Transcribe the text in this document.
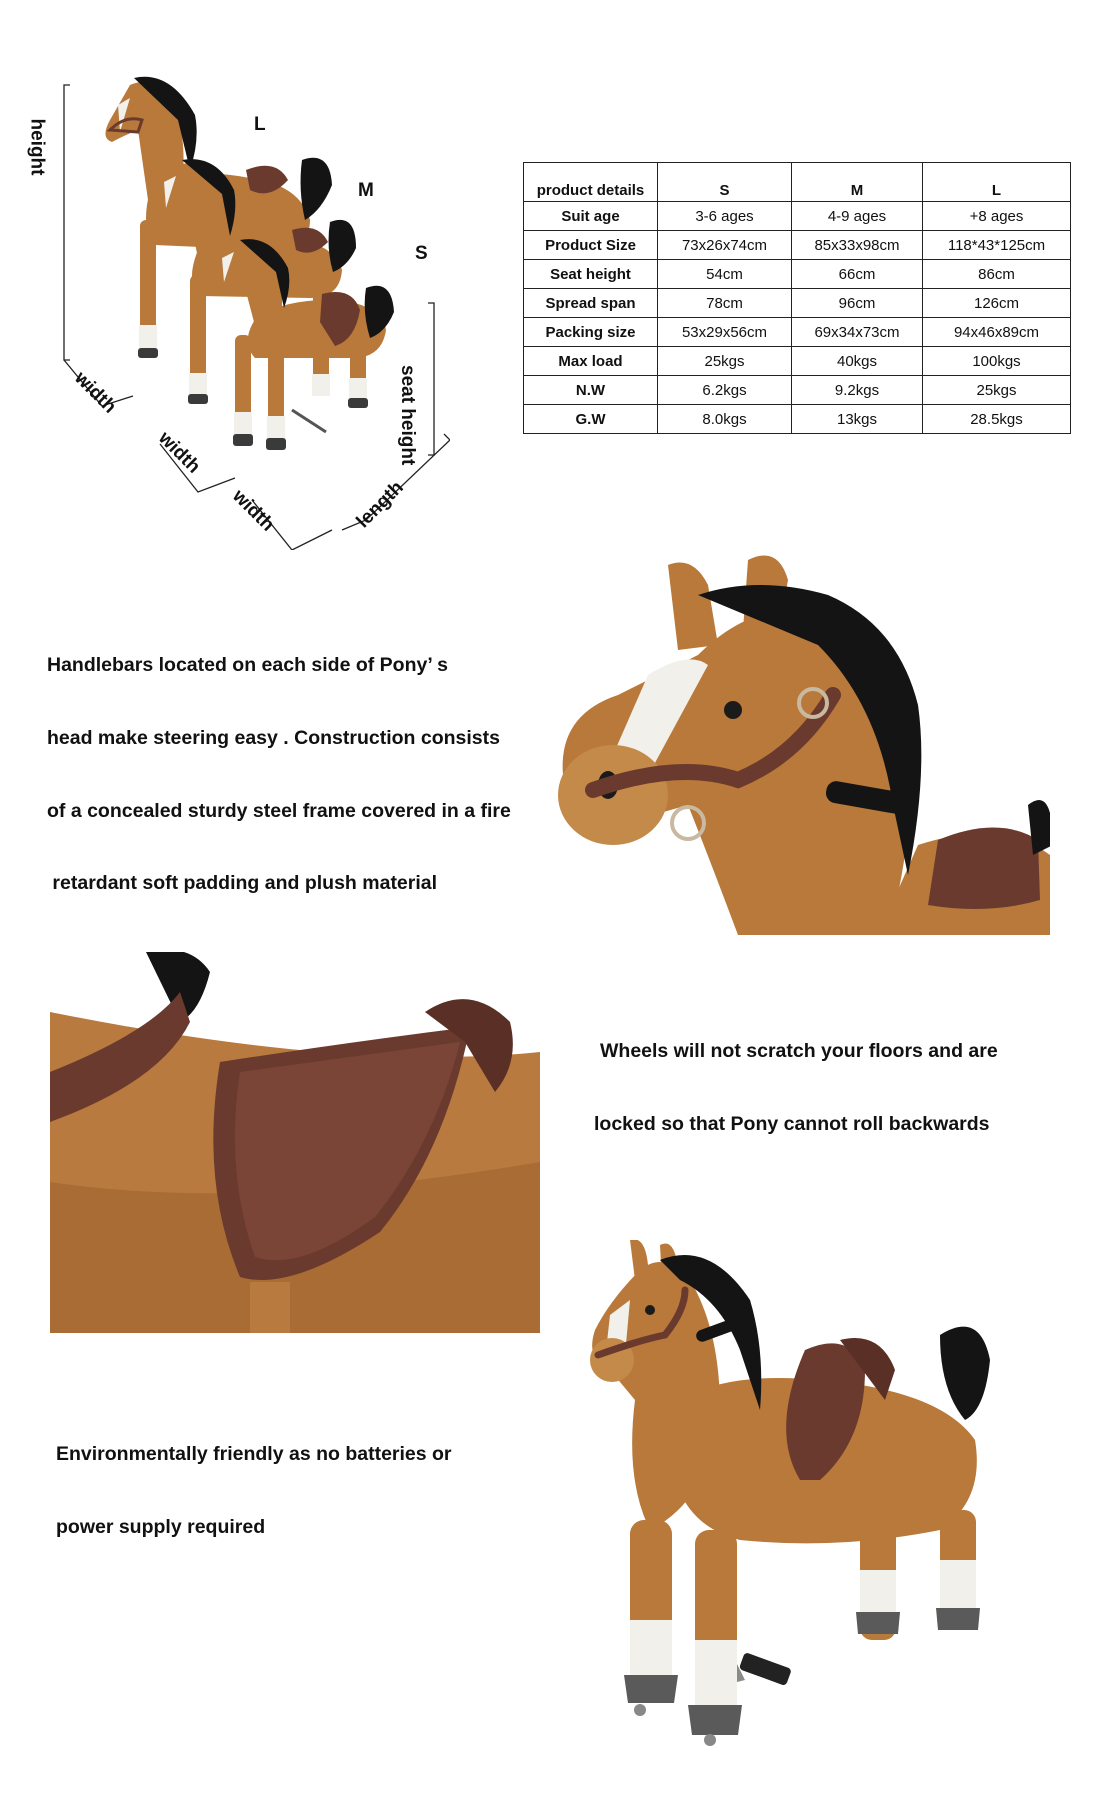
height
seat height
width
width
width	length
L
M
S
product details	S	M	L
Suit age	3-6 ages	4-9 ages	+8 ages
Product Size	73x26x74cm	85x33x98cm	118*43*125cm
Seat height	54cm	66cm	86cm
Spread span	78cm	96cm	126cm
Packing size	53x29x56cm	69x34x73cm	94x46x89cm
Max load	25kgs	40kgs	100kgs
N.W	6.2kgs	9.2kgs	25kgs
G.W	8.0kgs	13kgs	28.5kgs
Handlebars located on each side of Pony’ s
head make steering easy . Construction consists
of a concealed sturdy steel frame covered in a fire
retardant soft padding and plush material
Wheels will not scratch your floors and are
locked so that Pony cannot roll backwards
Environmentally friendly as no batteries or
power supply required
